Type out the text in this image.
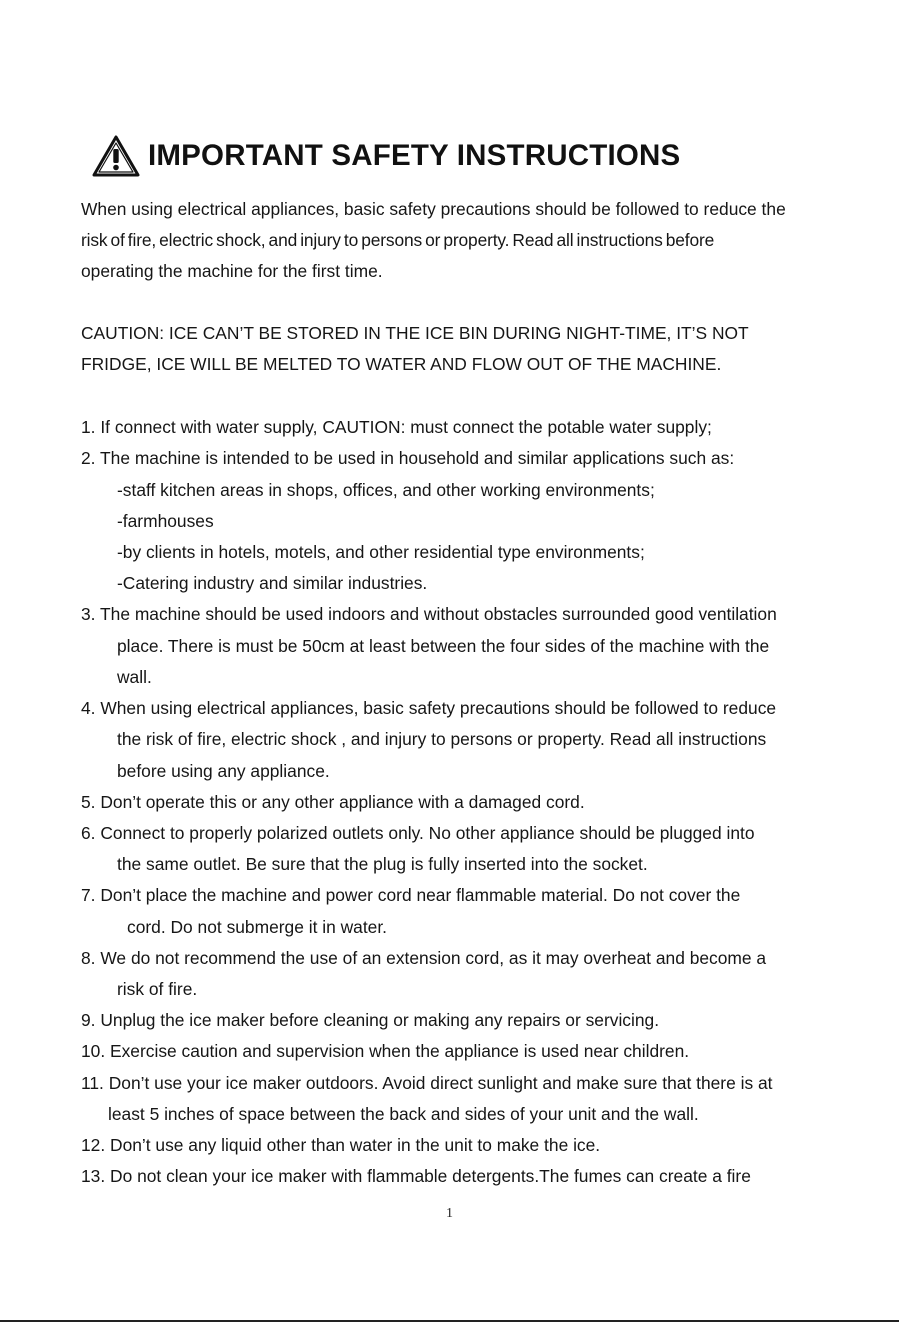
IMPORTANT SAFETY INSTRUCTIONS
When using electrical appliances, basic safety precautions should be followed to reduce the
risk of fire, electric shock, and injury to persons or property. Read all instructions before
operating the machine for the first time.
CAUTION: ICE CAN’T BE STORED IN THE ICE BIN DURING NIGHT-TIME, IT’S NOT
FRIDGE, ICE WILL BE MELTED TO WATER AND FLOW OUT OF THE MACHINE.
1. If connect with water supply, CAUTION: must connect the potable water supply;
2. The machine is intended to be used in household and similar applications such as:
-staff kitchen areas in shops, offices, and other working environments;
-farmhouses
-by clients in hotels, motels, and other residential type environments;
-Catering industry and similar industries.
3. The machine should be used indoors and without obstacles surrounded good ventilation
place. There is must be 50cm at least between the four sides of the machine with the
wall.
4. When using electrical appliances, basic safety precautions should be followed to reduce
the risk of fire, electric shock , and injury to persons or property. Read all instructions
before using any appliance.
5. Don’t operate this or any other appliance with a damaged cord.
6. Connect to properly polarized outlets only. No other appliance should be plugged into
the same outlet. Be sure that the plug is fully inserted into the socket.
7. Don’t place the machine and power cord near flammable material. Do not cover the
cord. Do not submerge it in water.
8. We do not recommend the use of an extension cord, as it may overheat and become a
risk of fire.
9. Unplug the ice maker before cleaning or making any repairs or servicing.
10. Exercise caution and supervision when the appliance is used near children.
11. Don’t use your ice maker outdoors. Avoid direct sunlight and make sure that there is at
least 5 inches of space between the back and sides of your unit and the wall.
12. Don’t use any liquid other than water in the unit to make the ice.
13. Do not clean your ice maker with flammable detergents.The fumes can create a fire
1
